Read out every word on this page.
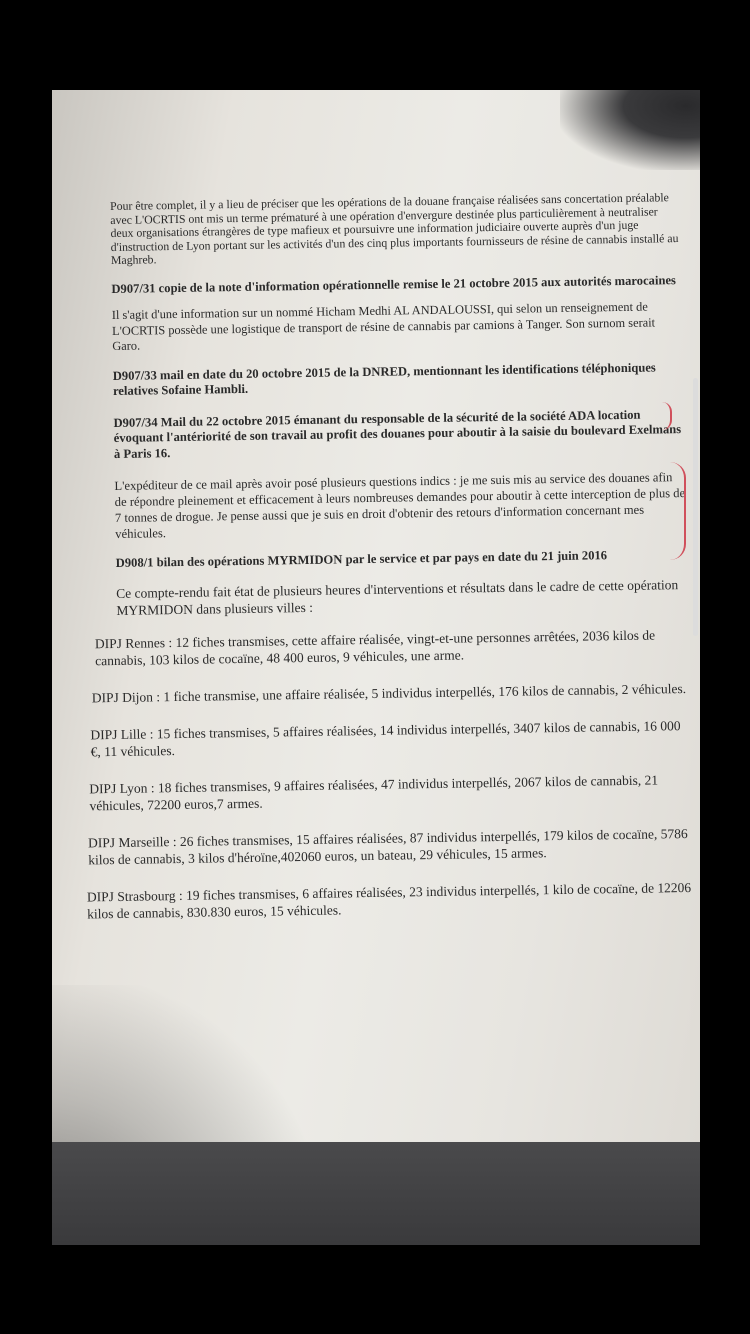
Pour être complet, il y a lieu de préciser que les opérations de la douane française réalisées sans concertation préalable avec L'OCRTIS ont mis un terme prématuré à une opération d'envergure destinée plus particulièrement à neutraliser deux organisations étrangères de type mafieux et poursuivre une information judiciaire ouverte auprès d'un juge d'instruction de Lyon portant sur les activités d'un des cinq plus importants fournisseurs de résine de cannabis installé au Maghreb.

D907/31 copie de la note d'information opérationnelle remise le 21 octobre 2015 aux autorités marocaines

Il s'agit d'une information sur un nommé Hicham Medhi AL ANDALOUSSI, qui selon un renseignement de L'OCRTIS possède une logistique de transport de résine de cannabis par camions à Tanger. Son surnom serait Garo.

D907/33 mail en date du 20 octobre 2015 de la DNRED, mentionnant les identifications téléphoniques relatives Sofaine Hambli.

D907/34 Mail du 22 octobre 2015 émanant du responsable de la sécurité de la société ADA location évoquant l'antériorité de son travail au profit des douanes pour aboutir à la saisie du boulevard Exelmans à Paris 16.

L'expéditeur de ce mail après avoir posé plusieurs questions indics : je me suis mis au service des douanes afin de répondre pleinement et efficacement à leurs nombreuses demandes pour aboutir à cette interception de plus de 7 tonnes de drogue. Je pense aussi que je suis en droit d'obtenir des retours d'information concernant mes véhicules.

D908/1 bilan des opérations MYRMIDON par le service et par pays en date du 21 juin 2016

Ce compte-rendu fait état de plusieurs heures d'interventions et résultats dans le cadre de cette opération MYRMIDON dans plusieurs villes :

DIPJ Rennes : 12 fiches transmises, cette affaire réalisée, vingt-et-une personnes arrêtées, 2036 kilos de cannabis, 103 kilos de cocaïne, 48 400 euros, 9 véhicules, une arme.

DIPJ Dijon : 1 fiche transmise, une affaire réalisée, 5 individus interpellés, 176 kilos de cannabis, 2 véhicules.

DIPJ Lille : 15 fiches transmises, 5 affaires réalisées, 14 individus interpellés, 3407 kilos de cannabis, 16 000 €, 11 véhicules.

DIPJ Lyon : 18 fiches transmises, 9 affaires réalisées, 47 individus interpellés, 2067 kilos de cannabis, 21 véhicules, 72200 euros,7 armes.

DIPJ Marseille : 26 fiches transmises, 15 affaires réalisées, 87 individus interpellés, 179 kilos de cocaïne, 5786 kilos de cannabis, 3 kilos d'héroïne,402060 euros, un bateau, 29 véhicules, 15 armes.

DIPJ Strasbourg : 19 fiches transmises, 6 affaires réalisées, 23 individus interpellés, 1 kilo de cocaïne, de 12206 kilos de cannabis, 830.830 euros, 15 véhicules.
